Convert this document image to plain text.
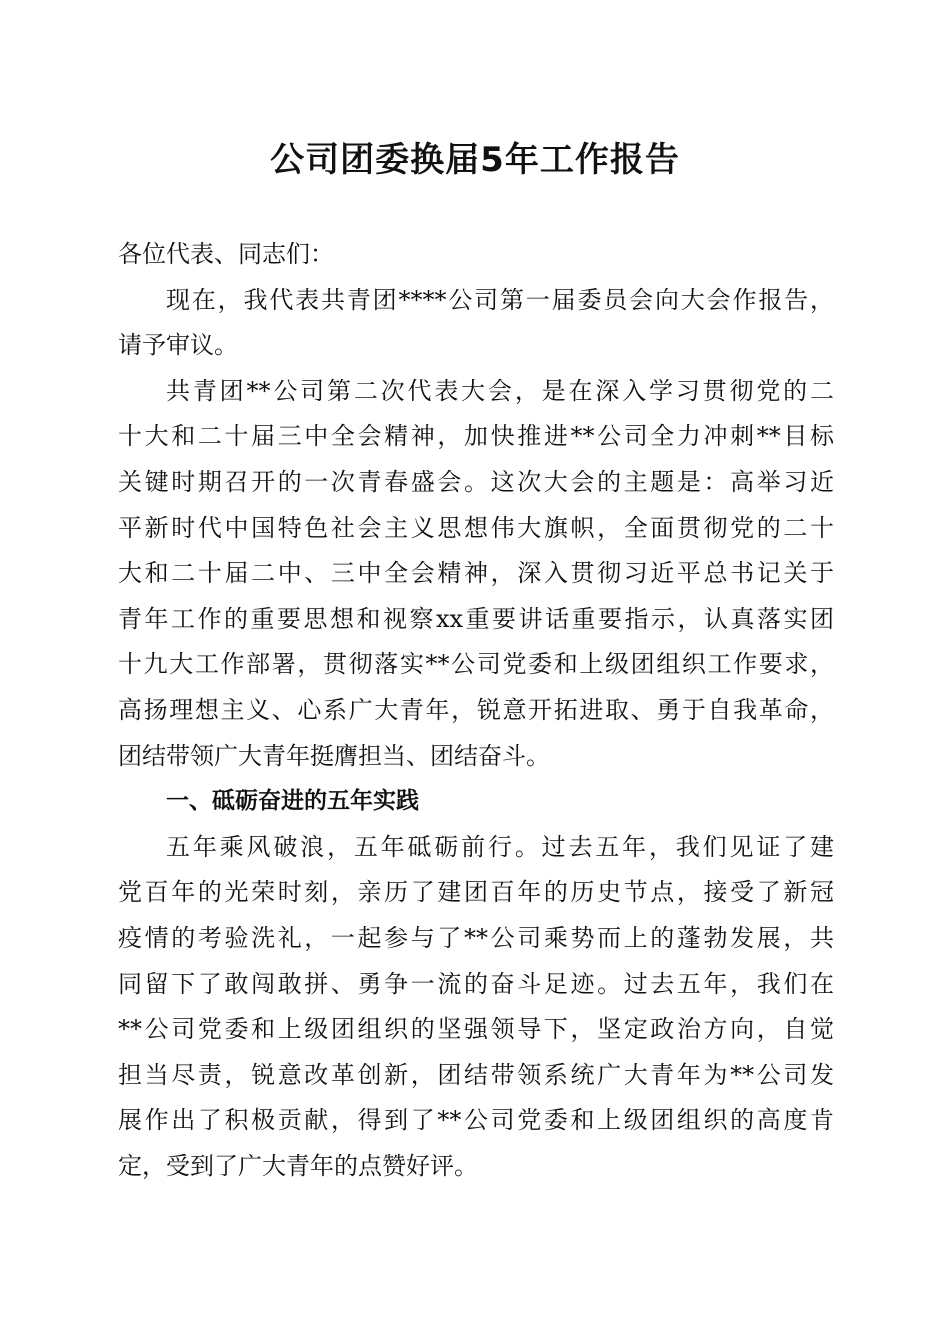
公司团委换届5年工作报告
各位代表、同志们：
现在，我代表共青团****公司第一届委员会向大会作报告，
请予审议。
共青团**公司第二次代表大会，是在深入学习贯彻党的二
十大和二十届三中全会精神，加快推进**公司全力冲刺**目标
关键时期召开的一次青春盛会。这次大会的主题是：高举习近
平新时代中国特色社会主义思想伟大旗帜，全面贯彻党的二十
大和二十届二中、三中全会精神，深入贯彻习近平总书记关于
青年工作的重要思想和视察xx重要讲话重要指示，认真落实团
十九大工作部署，贯彻落实**公司党委和上级团组织工作要求，
高扬理想主义、心系广大青年，锐意开拓进取、勇于自我革命，
团结带领广大青年挺膺担当、团结奋斗。
一、砥砺奋进的五年实践
五年乘风破浪，五年砥砺前行。过去五年，我们见证了建
党百年的光荣时刻，亲历了建团百年的历史节点，接受了新冠
疫情的考验洗礼，一起参与了**公司乘势而上的蓬勃发展，共
同留下了敢闯敢拼、勇争一流的奋斗足迹。过去五年，我们在
**公司党委和上级团组织的坚强领导下，坚定政治方向，自觉
担当尽责，锐意改革创新，团结带领系统广大青年为**公司发
展作出了积极贡献，得到了**公司党委和上级团组织的高度肯
定，受到了广大青年的点赞好评。
